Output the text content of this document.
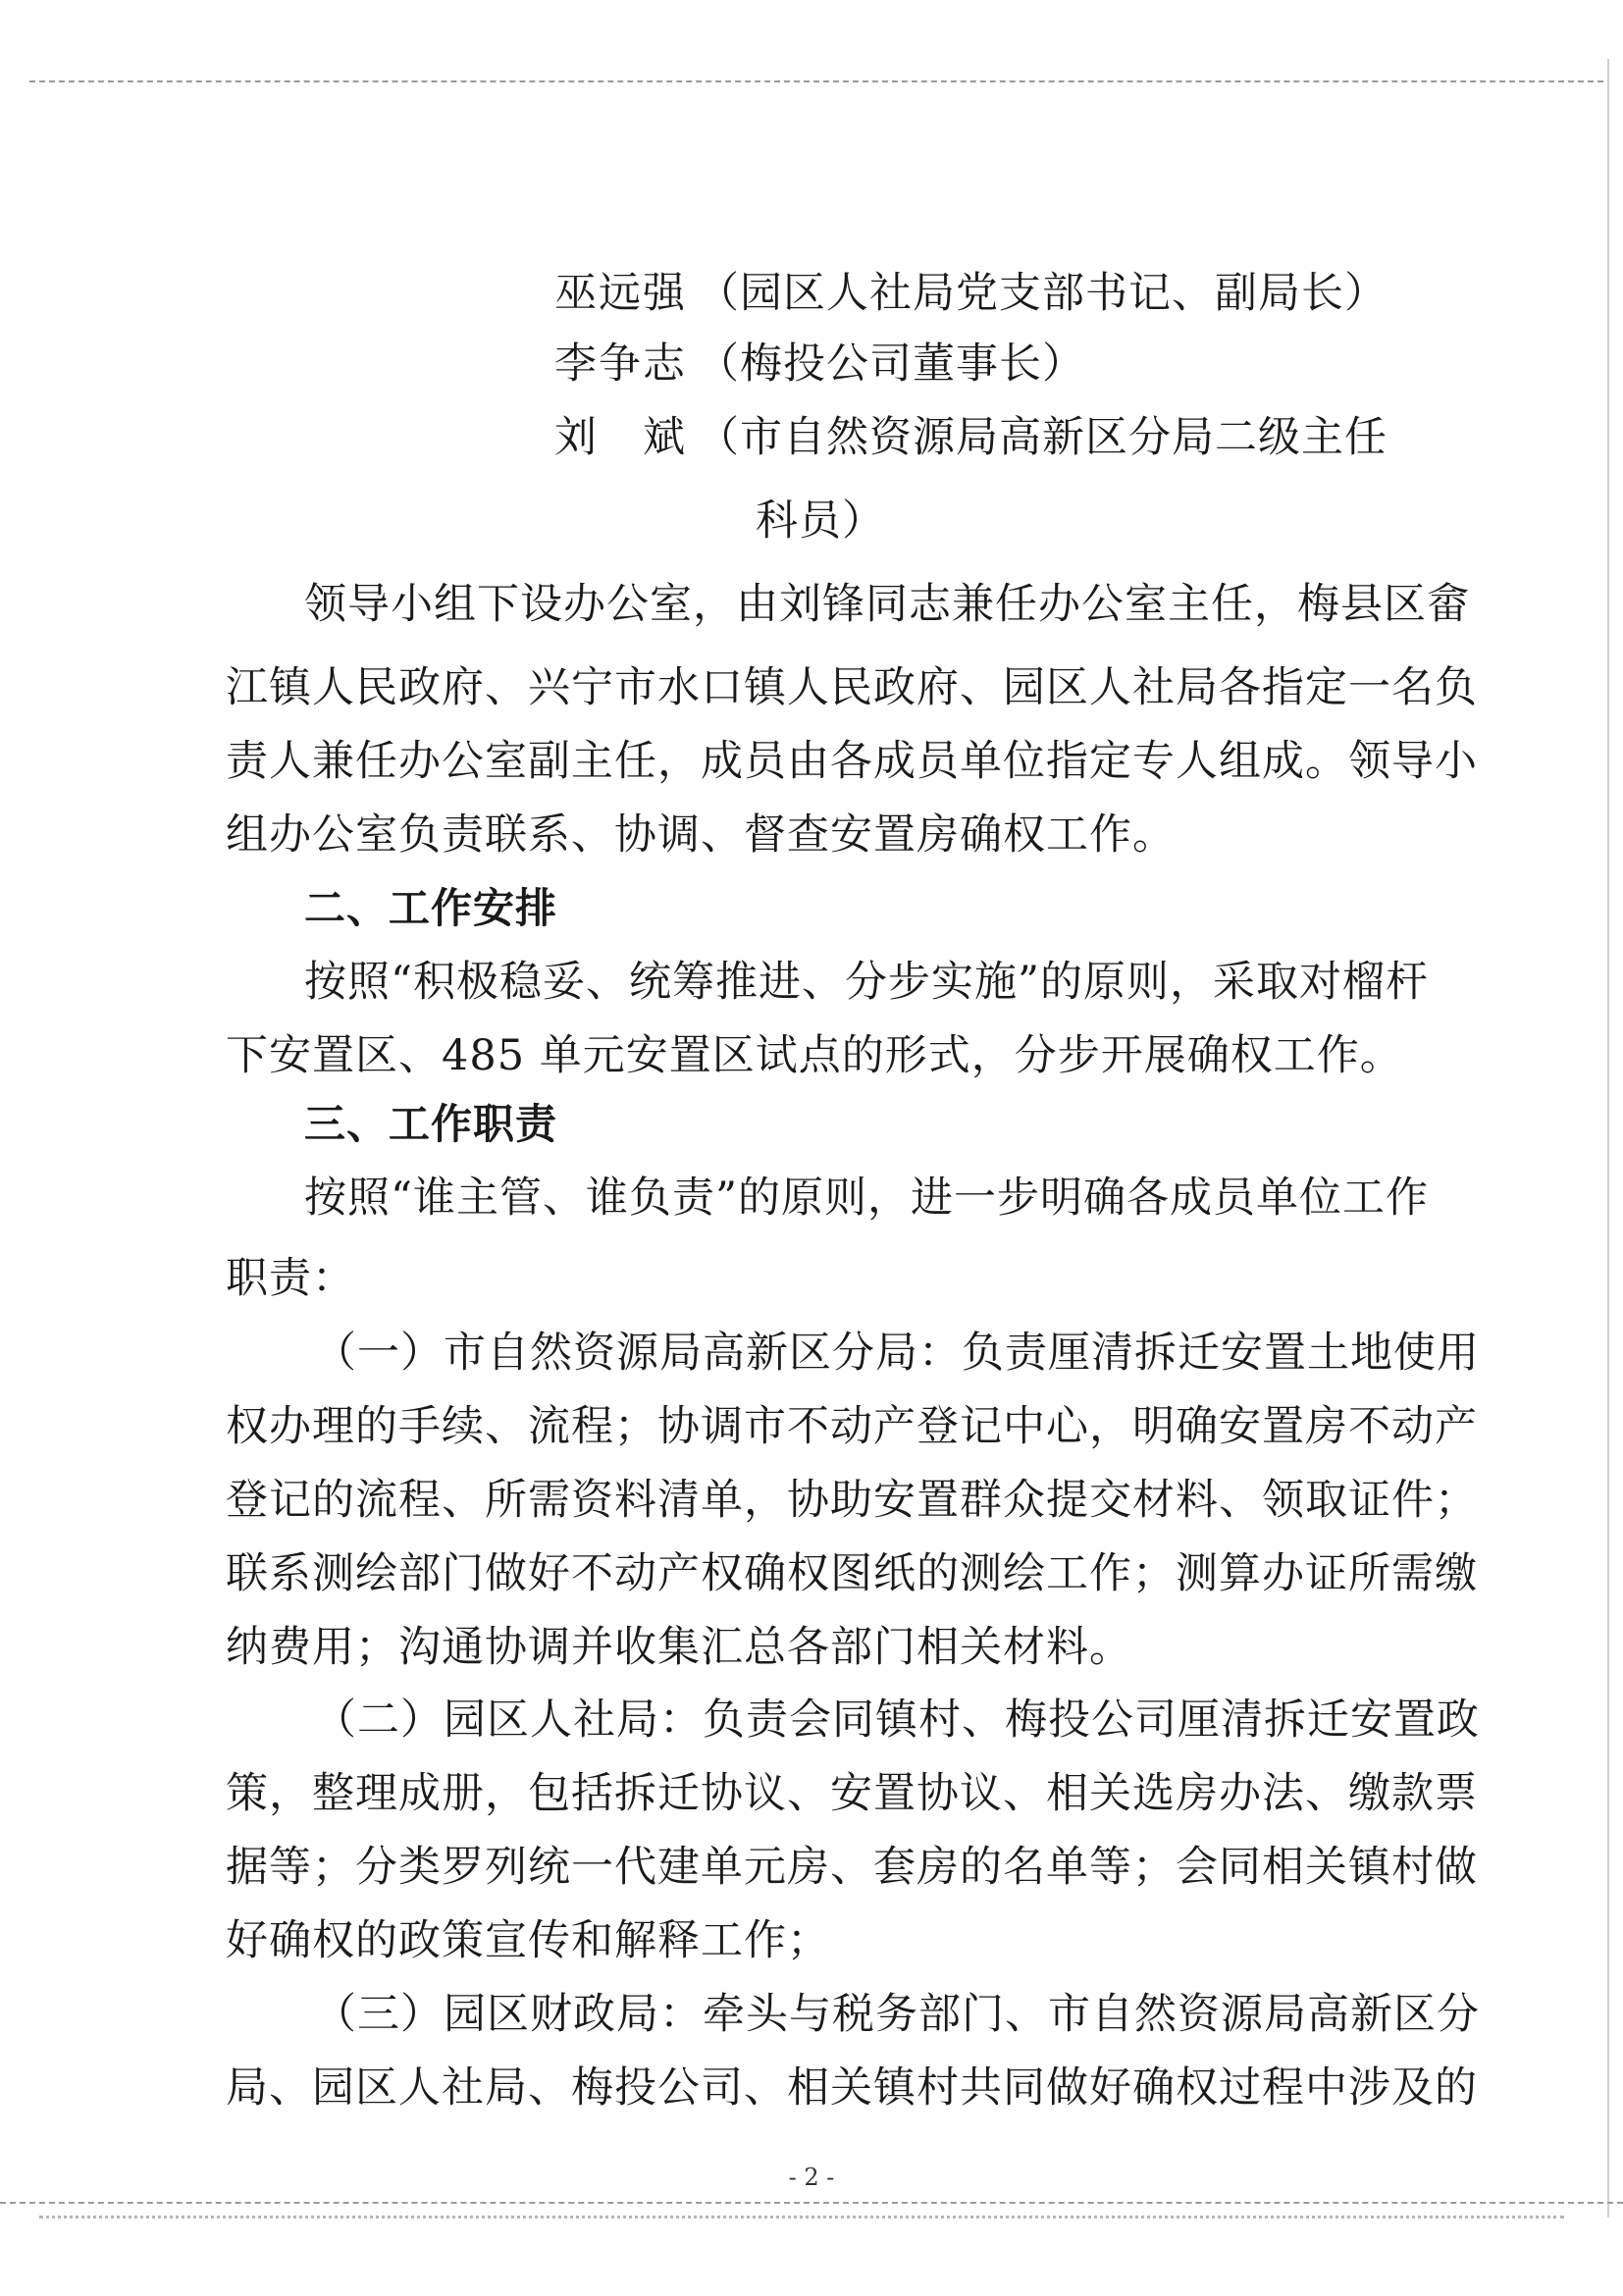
巫远强 （园区人社局党支部书记、副局长）
李争志 （梅投公司董事长）
刘　斌 （市自然资源局高新区分局二级主任
科员）
领导小组下设办公室，由刘锋同志兼任办公室主任，梅县区畲
江镇人民政府、兴宁市水口镇人民政府、园区人社局各指定一名负
责人兼任办公室副主任，成员由各成员单位指定专人组成。领导小
组办公室负责联系、协调、督查安置房确权工作。
二、工作安排
按照“积极稳妥、统筹推进、分步实施”的原则，采取对榴杆
下安置区、485 单元安置区试点的形式，分步开展确权工作。
三、工作职责
按照“谁主管、谁负责”的原则，进一步明确各成员单位工作
职责：
（一）市自然资源局高新区分局：负责厘清拆迁安置土地使用
权办理的手续、流程；协调市不动产登记中心，明确安置房不动产
登记的流程、所需资料清单，协助安置群众提交材料、领取证件；
联系测绘部门做好不动产权确权图纸的测绘工作；测算办证所需缴
纳费用；沟通协调并收集汇总各部门相关材料。
（二）园区人社局：负责会同镇村、梅投公司厘清拆迁安置政
策，整理成册，包括拆迁协议、安置协议、相关选房办法、缴款票
据等；分类罗列统一代建单元房、套房的名单等；会同相关镇村做
好确权的政策宣传和解释工作；
（三）园区财政局：牵头与税务部门、市自然资源局高新区分
局、园区人社局、梅投公司、相关镇村共同做好确权过程中涉及的
- 2 -
